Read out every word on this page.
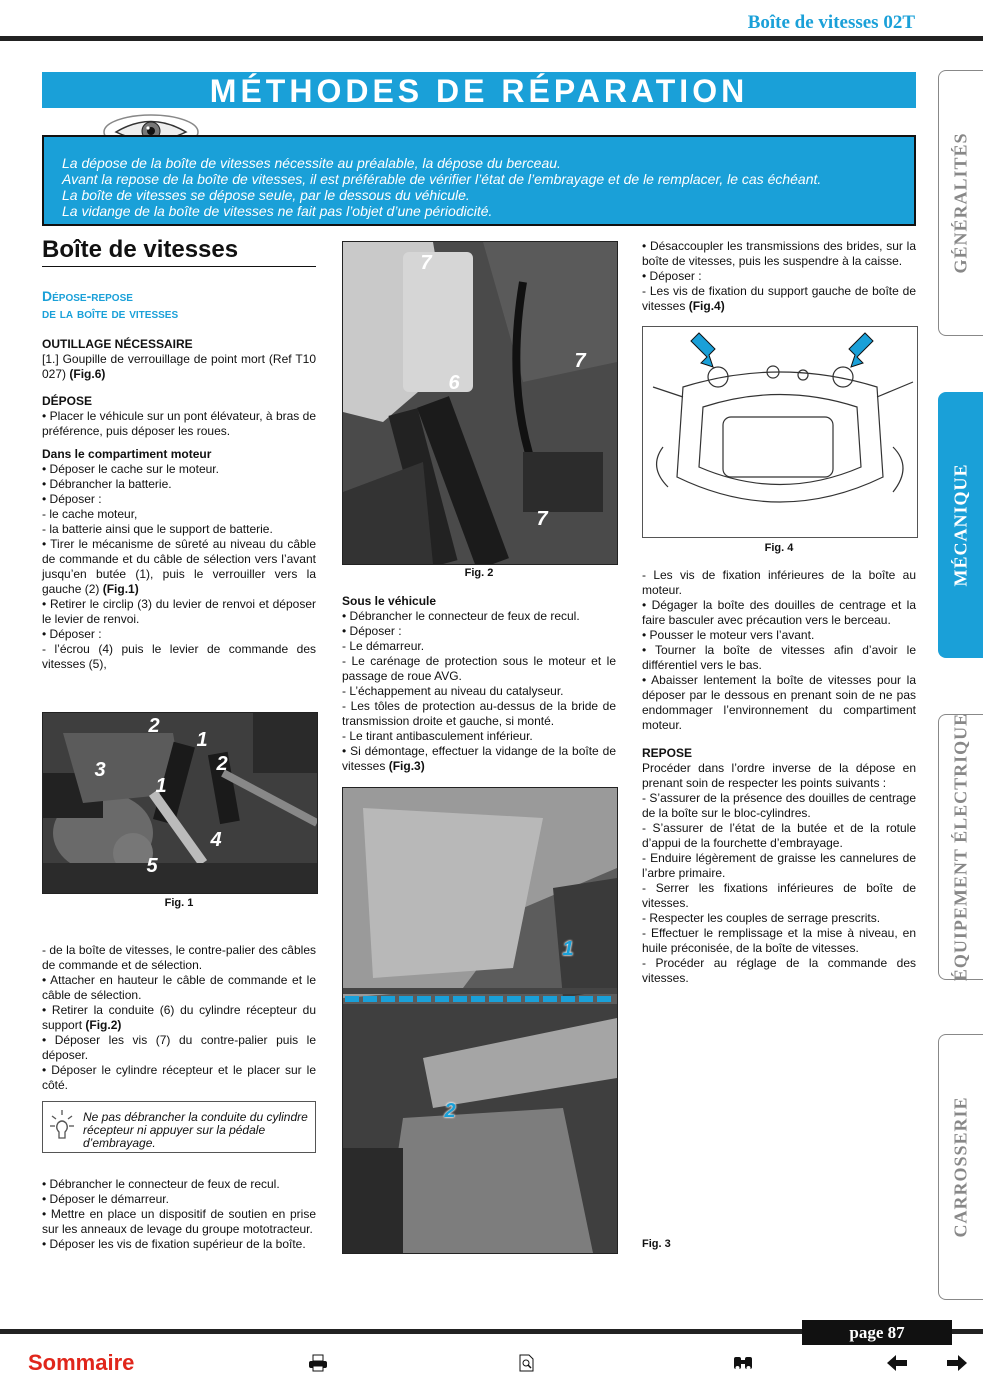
Boîte de vitesses 02T
MÉTHODES DE RÉPARATION

La dépose de la boîte de vitesses nécessite au préalable, la dépose du berceau.

Avant la repose de la boîte de vitesses, il est préférable de vérifier l’état de l’embrayage et de le remplacer, le cas échéant.

La boîte de vitesses se dépose seule, par le dessous du véhicule.

La vidange de la boîte de vitesses ne fait pas l’objet d’une périodicité.	GÉNÉRALITÉS
MÉCANIQUE
ÉQUIPEMENT ÉLECTRIQUE
CARROSSERIE
Boîte de vitesses
Dépose-repose
de la boîte de vitesses

OUTILLAGE NÉCESSAIRE

[1.] Goupille de verrouillage de point mort (Ref T10 027) (Fig.6)

DÉPOSE

• Placer le véhicule sur un pont élévateur, à bras de préférence, puis déposer les roues.

Dans le compartiment moteur

• Déposer le cache sur le moteur.

• Débrancher la batterie.

• Déposer :

- le cache moteur,

- la batterie ainsi que le support de batterie.

• Tirer le mécanisme de sûreté au niveau du câble de commande et du câble de sélection vers l’avant jusqu’en butée (1), puis le verrouiller vers la gauche (2) (Fig.1)

• Retirer le circlip (3) du levier de renvoi et déposer le levier de renvoi.

• Déposer :

- l’écrou (4) puis le levier de commande des vitesses (5),

2
1
3	2
1
4
5
Fig. 1

- de la boîte de vitesses, le contre-palier des câbles de commande et de sélection.

• Attacher en hauteur le câble de commande et le câble de sélection.

• Retirer la conduite (6) du cylindre récepteur du support (Fig.2)

• Déposer les vis (7) du contre-palier puis le déposer.

• Déposer le cylindre récepteur et le placer sur le côté.

Ne pas débrancher la conduite du cylindre récepteur ni appuyer sur la pédale d’embrayage.

• Débrancher le connecteur de feux de recul.

• Déposer le démarreur.

• Mettre en place un dispositif de soutien en prise sur les anneaux de levage du groupe mototracteur.

• Déposer les vis de fixation supérieur de la boîte.

7
7
6
7
Fig. 2

Sous le véhicule

• Débrancher le connecteur de feux de recul.

• Déposer :

- Le démarreur.

- Le carénage de protection sous le moteur et le passage de roue AVG.

- L’échappement au niveau du catalyseur.

- Les tôles de protection au-dessus de la bride de transmission droite et gauche, si monté.

- Le tirant antibasculement inférieur.

• Si démontage, effectuer la vidange de la boîte de vitesses (Fig.3)

1
2

• Désaccoupler les transmissions des brides, sur la boîte de vitesses, puis les suspendre à la caisse.

• Déposer :

- Les vis de fixation du support gauche de boîte de vitesses (Fig.4)

Fig. 4

- Les vis de fixation inférieures de la boîte au moteur.

• Dégager la boîte des douilles de centrage et la faire basculer avec précaution vers le berceau.

• Pousser le moteur vers l’avant.

• Tourner la boîte de vitesses afin d’avoir le différentiel vers le bas.

• Abaisser lentement la boîte de vitesses pour la déposer par le dessous en prenant soin de ne pas endommager l’environnement du compartiment moteur.

REPOSE

Procéder dans l’ordre inverse de la dépose en prenant soin de respecter les points suivants :

- S’assurer de la présence des douilles de centrage de la boîte sur le bloc-cylindres.

- S’assurer de l’état de la butée et de la rotule d’appui de la fourchette d’embrayage.

- Enduire légèrement de graisse les cannelures de l’arbre primaire.

- Serrer les fixations inférieures de boîte de vitesses.

- Respecter les couples de serrage prescrits.

- Effectuer le remplissage et la mise à niveau, en huile préconisée, de la boîte de vitesses.

- Procéder au réglage de la commande des vitesses.

Fig. 3
page 87
Sommaire
